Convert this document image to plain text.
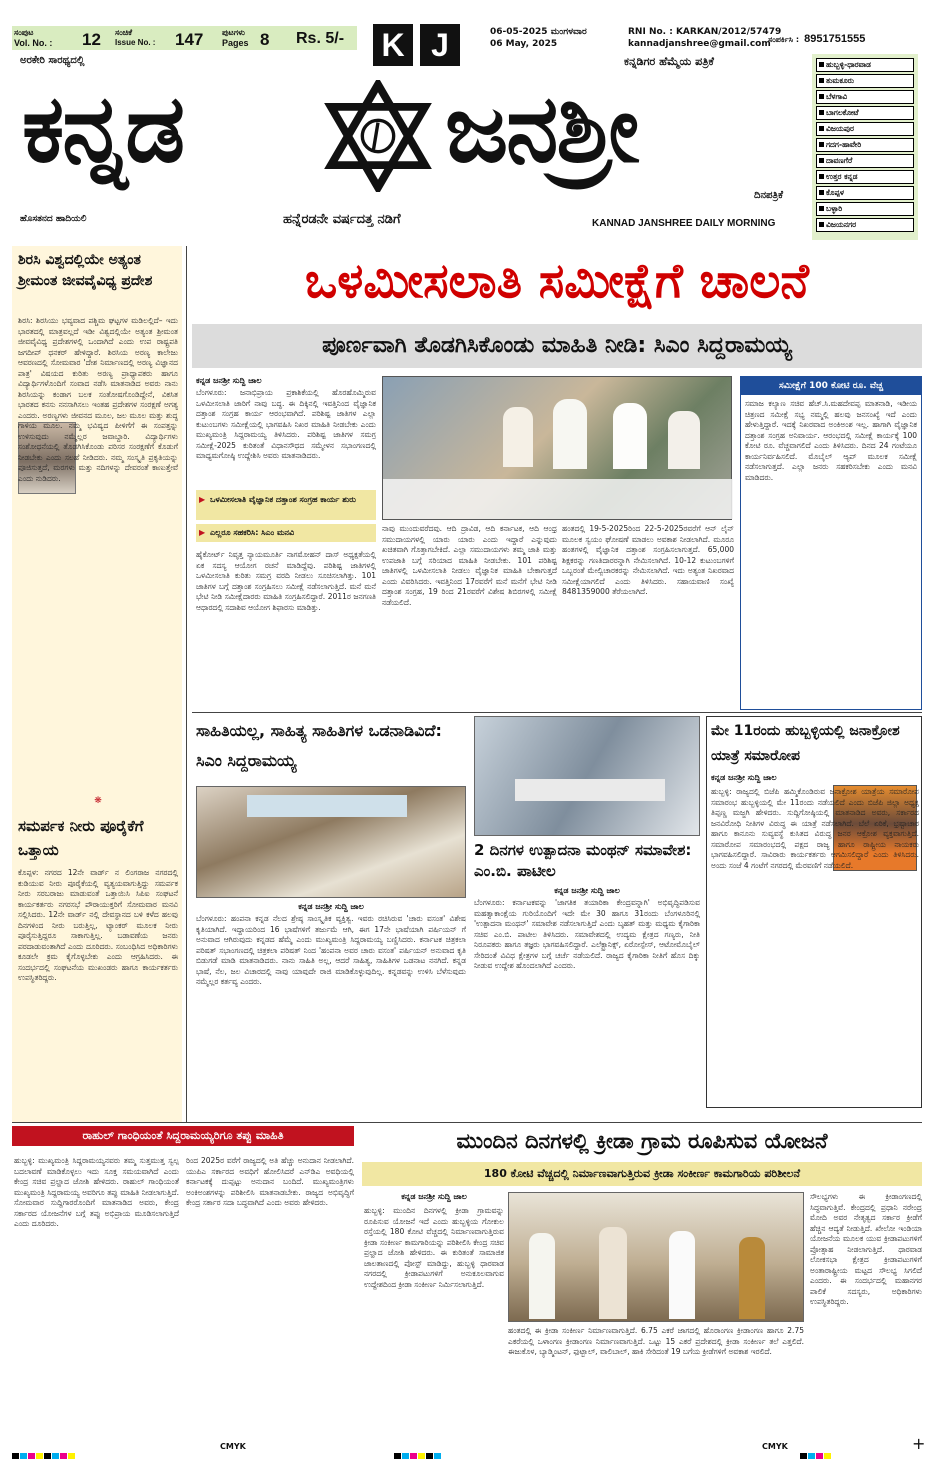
ಸಂಪುಟ
Vol. No. : 12 ಸಂಚಿಕೆ
Issue No. : 147 ಪುಟಗಳು
Pages 8 Rs. 5/- K J	06-05-2025 ಮಂಗಳವಾರ
06 May, 2025
RNI No. : KARKAN/2012/57479
kannadjanshree@gmail.com
ಸಂಪರ್ಕಿಸಿ : 8951751555
ಅರಕೇರಿ ಸಾರಥ್ಯದಲ್ಲಿ	ಕನ್ನಡಿಗರ ಹೆಮ್ಮೆಯ ಪತ್ರಿಕೆ
ಕನ್ನಡ	ಜನಶ್ರೀ
ದಿನಪತ್ರಿಕೆ
ಹೊಸತನದ ಹಾದಿಯಲಿ	ಹನ್ನೆರಡನೇ ವರ್ಷದತ್ತ ನಡಿಗೆ	KANNAD JANSHREE DAILY MORNING
ಹುಬ್ಬಳ್ಳಿ-ಧಾರವಾಡ
ತುಮಕೂರು
ಬೆಳಗಾವಿ
ಬಾಗಲಕೋಟೆ
ವಿಜಯಪುರ
ಗದಗ-ಹಾವೇರಿ
ದಾವಣಗೆರೆ
ಉತ್ತರ ಕನ್ನಡ
ಕೊಪ್ಪಳ
ಬಳ್ಳಾರಿ
ವಿಜಯನಗರ
ಶಿರಸಿ ವಿಶ್ವದಲ್ಲಿಯೇ ಅತ್ಯಂತ ಶ್ರೀಮಂತ ಜೀವವೈವಿಧ್ಯ ಪ್ರದೇಶ
ಶಿರಸಿ: ಶಿರಸಿಯು ಭವ್ಯವಾದ ಪಶ್ಚಿಮ ಘಟ್ಟಗಳ ಮಡಿಲಲ್ಲಿದೆ– ಇದು ಭಾರತದಲ್ಲಿ ಮಾತ್ರವಲ್ಲದೆ ಇಡೀ ವಿಶ್ವದಲ್ಲಿಯೇ ಅತ್ಯಂತ ಶ್ರೀಮಂತ ಜೀವವೈವಿಧ್ಯ ಪ್ರದೇಶಗಳಲ್ಲಿ ಒಂದಾಗಿದೆ ಎಂದು ಉಪ ರಾಷ್ಟ್ರಪತಿ ಜಗದೀಪ್ ಧನಕರ್ ಹೇಳಿದ್ದಾರೆ. ಶಿರಸಿಯ ಅರಣ್ಯ ಕಾಲೇಜು ಆವರಣದಲ್ಲಿ ಸೋಮವಾರ 'ದೇಶ ನಿರ್ಮಾಣದಲ್ಲಿ ಅರಣ್ಯ ವಿಜ್ಞಾನದ ಪಾತ್ರ' ವಿಷಯದ ಕುರಿತು ಅರಣ್ಯ ಪ್ರಾಧ್ಯಾಪಕರು ಹಾಗೂ ವಿದ್ಯಾರ್ಥಿಗಳೊಂದಿಗೆ ಸಂವಾದ ನಡೆಸಿ ಮಾತನಾಡಿದ ಅವರು ನಾನು ಶಿರಸಿಯನ್ನು ಕಂಡಾಗ ಬಲಕ ಸಂತೋಷಗೊಂಡಿದ್ದೇನೆ, ವಿಕಸಿತ ಭಾರತದ ಕನಸು ನನಸಾಗಿಸಲು ಇಂತಹ ಪ್ರದೇಶಗಳ ಸಂರಕ್ಷಣೆ ಅಗತ್ಯ ಎಂದರು. ಅರಣ್ಯಗಳು ಜೀವನದ ಮೂಲ, ಜಲ ಮೂಲ ಮತ್ತು ಶುದ್ಧ ಗಾಳಿಯ ಮೂಲ. ನಮ್ಮ ಭವಿಷ್ಯದ ಪೀಳಿಗೆಗೆ ಈ ಸಂಪತ್ತನ್ನು ಉಳಿಸುವುದು ನಮ್ಮೆಲ್ಲರ ಜವಾಬ್ದಾರಿ. ವಿದ್ಯಾರ್ಥಿಗಳು ಸಂಶೋಧನೆಯಲ್ಲಿ ತೊಡಗಿಸಿಕೊಂಡು ಪರಿಸರ ಸಂರಕ್ಷಣೆಗೆ ಕೊಡುಗೆ ನೀಡಬೇಕು ಎಂದು ಸಲಹೆ ನೀಡಿದರು. ನಮ್ಮ ಸಂಸ್ಕೃತಿ ಪ್ರಕೃತಿಯನ್ನು ಪೂಜಿಸುತ್ತದೆ, ಮರಗಳು ಮತ್ತು ನದಿಗಳನ್ನು ದೇವರಂತೆ ಕಾಣುತ್ತೇವೆ ಎಂದು ನುಡಿದರು.
❋
ಸಮರ್ಪಕ ನೀರು ಪೂರೈಕೆಗೆ ಒತ್ತಾಯ
ಕೊಪ್ಪಳ: ನಗರದ 12ನೇ ವಾರ್ಡ್ ನ ಲಿಂಗರಾಜ ನಗರದಲ್ಲಿ ಕುಡಿಯುವ ನೀರು ಪೂರೈಕೆಯಲ್ಲಿ ವ್ಯತ್ಯಯವಾಗುತ್ತಿದ್ದು ಸಮರ್ಪಕ ನೀರು ಸರಬರಾಜು ಮಾಡುವಂತೆ ಒತ್ತಾಯಿಸಿ ಸಿಪಿಐ ಸಂಘಟನೆ ಕಾರ್ಯಕರ್ತರು ನಗರಸಭೆ ಪೌರಾಯುಕ್ತರಿಗೆ ಸೋಮವಾರ ಮನವಿ ಸಲ್ಲಿಸಿದರು. 12ನೇ ವಾರ್ಡ್ ನಲ್ಲಿ ದೇವಸ್ಥಾನದ ಬಳಿ ಕಳೆದ ಹಲವು ದಿನಗಳಿಂದ ನೀರು ಬರುತ್ತಿಲ್ಲ, ಟ್ಯಾಂಕರ್ ಮೂಲಕ ನೀರು ಪೂರೈಸುತ್ತಿದ್ದರೂ ಸಾಕಾಗುತ್ತಿಲ್ಲ. ಬಡಾವಣೆಯ ಜನರು ಪರದಾಡುವಂತಾಗಿದೆ ಎಂದು ದೂರಿದರು. ಸಂಬಂಧಿಸಿದ ಅಧಿಕಾರಿಗಳು ಕೂಡಲೇ ಕ್ರಮ ಕೈಗೊಳ್ಳಬೇಕು ಎಂದು ಆಗ್ರಹಿಸಿದರು. ಈ ಸಂದರ್ಭದಲ್ಲಿ ಸಂಘಟನೆಯ ಮುಖಂಡರು ಹಾಗೂ ಕಾರ್ಯಕರ್ತರು ಉಪಸ್ಥಿತರಿದ್ದರು.
ಒಳಮೀಸಲಾತಿ ಸಮೀಕ್ಷೆಗೆ ಚಾಲನೆ
ಪೂರ್ಣವಾಗಿ ತೊಡಗಿಸಿಕೊಂಡು ಮಾಹಿತಿ ನೀಡಿ: ಸಿಎಂ ಸಿದ್ದರಾಮಯ್ಯ
ಕನ್ನಡ ಜನಶ್ರೀ ಸುದ್ದಿ ಜಾಲ
ಬೆಂಗಳೂರು: ಜನಾಭಿಪ್ರಾಯ ಪ್ರಕಾಶಿಕೆಯಲ್ಲಿ ಹೊರಹೊಮ್ಮಿರುವ ಒಳಮೀಸಲಾತಿ ಜಾರಿಗೆ ನಾವು ಬದ್ಧ. ಈ ದಿಕ್ಕಿನಲ್ಲಿ ಇವತ್ತಿನಿಂದ ವೈಜ್ಞಾನಿಕ ದತ್ತಾಂಶ ಸಂಗ್ರಹ ಕಾರ್ಯ ಆರಂಭವಾಗಿದೆ. ಪರಿಶಿಷ್ಟ ಜಾತಿಗಳ ಎಲ್ಲಾ ಕುಟುಂಬಗಳು ಸಮೀಕ್ಷೆಯಲ್ಲಿ ಭಾಗವಹಿಸಿ ನಿಖರ ಮಾಹಿತಿ ನೀಡಬೇಕು ಎಂದು ಮುಖ್ಯಮಂತ್ರಿ ಸಿದ್ದರಾಮಯ್ಯ ತಿಳಿಸಿದರು. ಪರಿಶಿಷ್ಟ ಜಾತಿಗಳ ಸಮಗ್ರ ಸಮೀಕ್ಷೆ-2025 ಕುರಿತಂತೆ ವಿಧಾನಸೌಧದ ಸಮ್ಮೇಳನ ಸಭಾಂಗಣದಲ್ಲಿ ಮಾಧ್ಯಮಗೋಷ್ಠಿ ಉದ್ದೇಶಿಸಿ ಅವರು ಮಾತನಾಡಿದರು.
▶ ಒಳಮೀಸಲಾತಿ ವೈಜ್ಞಾನಿಕ ದತ್ತಾಂಶ ಸಂಗ್ರಹ ಕಾರ್ಯ ಶುರು
▶ ಎಲ್ಲರೂ ಸಹಕರಿಸಿ: ಸಿಎಂ ಮನವಿ
ಹೈಕೋರ್ಟ್ ನಿವೃತ್ತ ನ್ಯಾಯಮೂರ್ತಿ ನಾಗಮೋಹನ್ ದಾಸ್ ಅಧ್ಯಕ್ಷತೆಯಲ್ಲಿ ಏಕ ಸದಸ್ಯ ಆಯೋಗ ರಚನೆ ಮಾಡಿದ್ದೆವು. ಪರಿಶಿಷ್ಟ ಜಾತಿಗಳಲ್ಲಿ ಒಳಮೀಸಲಾತಿ ಕುರಿತು ಸಮಗ್ರ ವರದಿ ನೀಡಲು ಸೂಚಿಸಲಾಗಿತ್ತು. 101 ಜಾತಿಗಳ ಬಗ್ಗೆ ದತ್ತಾಂಶ ಸಂಗ್ರಹಿಸಲು ಸಮೀಕ್ಷೆ ನಡೆಸಲಾಗುತ್ತಿದೆ. ಮನೆ ಮನೆ ಭೇಟಿ ನೀಡಿ ಸಮೀಕ್ಷೆದಾರರು ಮಾಹಿತಿ ಸಂಗ್ರಹಿಸಲಿದ್ದಾರೆ. 2011ರ ಜನಗಣತಿ ಆಧಾರದಲ್ಲಿ ಸದಾಶಿವ ಆಯೋಗ ಶಿಫಾರಸು ಮಾಡಿತ್ತು.
ನಾವು ಮುಂದುವರೆದವು. ಆದಿ ದ್ರಾವಿಡ, ಆದಿ ಕರ್ನಾಟಕ, ಆದಿ ಆಂಧ್ರ ಸಮುದಾಯಗಳಲ್ಲಿ ಯಾರು ಯಾರು ಎಂದು ಇದ್ದಾರೆ ಎನ್ನುವುದು ಖಚಿತವಾಗಿ ಗೊತ್ತಾಗಬೇಕಿದೆ. ಎಲ್ಲಾ ಸಮುದಾಯಗಳು ತಮ್ಮ ಜಾತಿ ಮತ್ತು ಉಪಜಾತಿ ಬಗ್ಗೆ ಸರಿಯಾದ ಮಾಹಿತಿ ನೀಡಬೇಕು. 101 ಪರಿಶಿಷ್ಟ ಜಾತಿಗಳಲ್ಲಿ ಒಳಮೀಸಲಾತಿ ನೀಡಲು ವೈಜ್ಞಾನಿಕ ಮಾಹಿತಿ ಬೇಕಾಗುತ್ತದೆ ಎಂದು ವಿವರಿಸಿದರು. ಇವತ್ತಿನಿಂದ 17ರವರೆಗೆ ಮನೆ ಮನೆಗೆ ಭೇಟಿ ನೀಡಿ ದತ್ತಾಂಶ ಸಂಗ್ರಹ, 19 ರಿಂದ 21ರವರೆಗೆ ವಿಶೇಷ ಶಿಬಿರಗಳಲ್ಲಿ ಸಮೀಕ್ಷೆ ನಡೆಯಲಿದೆ.
ಹಂತದಲ್ಲಿ 19-5-2025ರಿಂದ 22-5-2025ರವರೆಗೆ ಆನ್ ಲೈನ್ ಮೂಲಕ ಸ್ವಯಂ ಘೋಷಣೆ ಮಾಡಲು ಅವಕಾಶ ನೀಡಲಾಗಿದೆ. ಮೂರೂ ಹಂತಗಳಲ್ಲಿ ವೈಜ್ಞಾನಿಕ ದತ್ತಾಂಶ ಸಂಗ್ರಹಿಸಲಾಗುತ್ತದೆ. 65,000 ಶಿಕ್ಷಕರನ್ನು ಗಣತಿದಾರರನ್ನಾಗಿ ನೇಮಿಸಲಾಗಿದೆ. 10-12 ಕುಟುಂಬಗಳಿಗೆ ಒಬ್ಬರಂತೆ ಮೇಲ್ವಿಚಾರಕರನ್ನು ನೇಮಿಸಲಾಗಿದೆ. ಇದು ಅತ್ಯಂತ ನಿಖರವಾದ ಸಮೀಕ್ಷೆಯಾಗಲಿದೆ ಎಂದು ತಿಳಿಸಿದರು. ಸಹಾಯವಾಣಿ ಸಂಖ್ಯೆ 8481359000 ತೆರೆಯಲಾಗಿದೆ.
ಸಮೀಕ್ಷೆಗೆ 100 ಕೋಟಿ ರೂ. ವೆಚ್ಚ
ಸಮಾಜ ಕಲ್ಯಾಣ ಸಚಿವ ಹೆಚ್.ಸಿ.ಮಹದೇವಪ್ಪ ಮಾತನಾಡಿ, ಇಡೀಯ ಚಿತ್ರಣದ ಸಮೀಕ್ಷೆ ಸಭ್ಯ ನಮ್ಮಲ್ಲಿ ಹಲವು ಜನಸಂಖ್ಯೆ ಇದೆ ಎಂದು ಹೇಳುತ್ತಿದ್ದಾರೆ. ಇದಕ್ಕೆ ನಿಖರವಾದ ಅಂಕಿಅಂಶ ಇಲ್ಲ. ಹಾಗಾಗಿ ವೈಜ್ಞಾನಿಕ ದತ್ತಾಂಶ ಸಂಗ್ರಹ ಅನಿವಾರ್ಯ. ಆರಂಭದಲ್ಲಿ ಸಮೀಕ್ಷೆ ಕಾರ್ಯಕ್ಕೆ 100 ಕೋಟಿ ರೂ. ವೆಚ್ಚವಾಗಲಿದೆ ಎಂದು ತಿಳಿಸಿದರು. ದಿನದ 24 ಗಂಟೆಯೂ ಕಾರ್ಯನಿರ್ವಹಿಸಲಿದೆ. ಮೊಬೈಲ್ ಆ್ಯಪ್ ಮೂಲಕ ಸಮೀಕ್ಷೆ ನಡೆಸಲಾಗುತ್ತದೆ. ಎಲ್ಲಾ ಜನರು ಸಹಕರಿಸಬೇಕು ಎಂದು ಮನವಿ ಮಾಡಿದರು.
ಸಾಹಿತಿಯಲ್ಲ, ಸಾಹಿತ್ಯ ಸಾಹಿತಿಗಳ ಒಡನಾಡಿವಿದೆ: ಸಿಎಂ ಸಿದ್ದರಾಮಯ್ಯ
ಕನ್ನಡ ಜನಶ್ರೀ ಸುದ್ದಿ ಜಾಲ
ಬೆಂಗಳೂರು: ಹಂಪನಾ ಕನ್ನಡ ನೆಲದ ಶ್ರೇಷ್ಠ ಸಾಂಸ್ಕೃತಿಕ ವ್ಯಕ್ತಿತ್ವ. ಇವರು ರಚಿಸಿರುವ 'ಚಾರು ವಸಂತ' ವಿಶೇಷ ಕೃತಿಯಾಗಿದೆ. ಇದ್ದಾಯರಿಂದ 16 ಭಾಷೆಗಳಿಗೆ ತರ್ಜುಮೆ ಆಗಿ, ಈಗ 17ನೇ ಭಾಷೆಯಾಗಿ ಪರ್ಷಿಯನ್ ಗೆ ಅನುವಾದ ಆಗಿರುವುದು ಕನ್ನಡದ ಹೆಮ್ಮೆ ಎಂದು ಮುಖ್ಯಮಂತ್ರಿ ಸಿದ್ದರಾಮಯ್ಯ ಬಣ್ಣಿಸಿದರು. ಕರ್ನಾಟಕ ಚಿತ್ರಕಲಾ ಪರಿಷತ್ ಸಭಾಂಗಣದಲ್ಲಿ ಚಿತ್ರಕಲಾ ಪರಿಷತ್ ನಿಂದ 'ಹಂಪನಾ ಅವರ ಚಾರು ವಸಂತ' ಪರ್ಷಿಯನ್ ಅನುವಾದ ಕೃತಿ ಬಿಡುಗಡೆ ಮಾಡಿ ಮಾತನಾಡಿದರು. ನಾನು ಸಾಹಿತಿ ಅಲ್ಲ, ಆದರೆ ಸಾಹಿತ್ಯ, ಸಾಹಿತಿಗಳ ಒಡನಾಟ ನನಗಿದೆ. ಕನ್ನಡ ಭಾಷೆ, ನೆಲ, ಜಲ ವಿಚಾರದಲ್ಲಿ ನಾವು ಯಾವುದೇ ರಾಜಿ ಮಾಡಿಕೊಳ್ಳುವುದಿಲ್ಲ. ಕನ್ನಡವನ್ನು ಉಳಿಸಿ ಬೆಳೆಸುವುದು ನಮ್ಮೆಲ್ಲರ ಕರ್ತವ್ಯ ಎಂದರು.
2 ದಿನಗಳ ಉತ್ಪಾದನಾ ಮಂಥನ್ ಸಮಾವೇಶ: ಎಂ.ಬಿ. ಪಾಟೀಲ
ಕನ್ನಡ ಜನಶ್ರೀ ಸುದ್ದಿ ಜಾಲ
ಬೆಂಗಳೂರು: ಕರ್ನಾಟಕವನ್ನು 'ಜಾಗತಿಕ ತಯಾರಿಕಾ ಕೇಂದ್ರವನ್ನಾಗಿ' ಅಭಿವೃದ್ಧಿಪಡಿಸುವ ಮಹತ್ವಾಕಾಂಕ್ಷೆಯ ಗುರಿಯೊಂದಿಗೆ ಇದೇ ಮೇ 30 ಹಾಗೂ 31ರಂದು ಬೆಂಗಳೂರಿನಲ್ಲಿ 'ಉತ್ಪಾದನಾ ಮಂಥನ್' ಸಮಾವೇಶ ನಡೆಸಲಾಗುತ್ತಿದೆ ಎಂದು ಬೃಹತ್ ಮತ್ತು ಮಧ್ಯಮ ಕೈಗಾರಿಕಾ ಸಚಿವ ಎಂ.ಬಿ. ಪಾಟೀಲ ತಿಳಿಸಿದರು. ಸಮಾವೇಶದಲ್ಲಿ ಉದ್ಯಮ ಕ್ಷೇತ್ರದ ಗಣ್ಯರು, ನೀತಿ ನಿರೂಪಕರು ಹಾಗೂ ತಜ್ಞರು ಭಾಗವಹಿಸಲಿದ್ದಾರೆ. ಎಲೆಕ್ಟ್ರಾನಿಕ್ಸ್, ಏರೋಸ್ಪೇಸ್, ಆಟೋಮೊಬೈಲ್ ಸೇರಿದಂತೆ ವಿವಿಧ ಕ್ಷೇತ್ರಗಳ ಬಗ್ಗೆ ಚರ್ಚೆ ನಡೆಯಲಿದೆ. ರಾಜ್ಯದ ಕೈಗಾರಿಕಾ ನೀತಿಗೆ ಹೊಸ ದಿಕ್ಕು ನೀಡುವ ಉದ್ದೇಶ ಹೊಂದಲಾಗಿದೆ ಎಂದರು.
ಮೇ 11ರಂದು ಹುಬ್ಬಳ್ಳಿಯಲ್ಲಿ ಜನಾಕ್ರೋಶ ಯಾತ್ರೆ ಸಮಾರೋಪ
ಕನ್ನಡ ಜನಶ್ರೀ ಸುದ್ದಿ ಜಾಲ
ಹುಬ್ಬಳ್ಳಿ: ರಾಜ್ಯದಲ್ಲಿ ಬಿಜೆಪಿ ಹಮ್ಮಿಕೊಂಡಿರುವ ಜನಾಕ್ರೋಶ ಯಾತ್ರೆಯ ಸಮಾರೋಪ ಸಮಾರಂಭ ಹುಬ್ಬಳ್ಳಿಯಲ್ಲಿ ಮೇ 11ರಂದು ನಡೆಯಲಿದೆ ಎಂದು ಬಿಜೆಪಿ ಜಿಲ್ಲಾ ಅಧ್ಯಕ್ಷ ತಿಪ್ಪಣ್ಣ ಮಜ್ಜಗಿ ಹೇಳಿದರು. ಸುದ್ದಿಗೋಷ್ಠಿಯಲ್ಲಿ ಮಾತನಾಡಿದ ಅವರು, ಸರ್ಕಾರದ ಜನವಿರೋಧಿ ನೀತಿಗಳ ವಿರುದ್ಧ ಈ ಯಾತ್ರೆ ನಡೆಸಲಾಗಿದೆ. ಬೆಲೆ ಏರಿಕೆ, ಭ್ರಷ್ಟಾಚಾರ ಹಾಗೂ ಕಾನೂನು ಸುವ್ಯವಸ್ಥೆ ಕುಸಿತದ ವಿರುದ್ಧ ಜನರ ಆಕ್ರೋಶ ವ್ಯಕ್ತವಾಗುತ್ತಿದೆ. ಸಮಾರೋಪ ಸಮಾರಂಭದಲ್ಲಿ ಪಕ್ಷದ ರಾಜ್ಯ ಹಾಗೂ ರಾಷ್ಟ್ರೀಯ ನಾಯಕರು ಭಾಗವಹಿಸಲಿದ್ದಾರೆ. ಸಾವಿರಾರು ಕಾರ್ಯಕರ್ತರು ಆಗಮಿಸಲಿದ್ದಾರೆ ಎಂದು ತಿಳಿಸಿದರು. ಅಂದು ಸಂಜೆ 4 ಗಂಟೆಗೆ ನಗರದಲ್ಲಿ ಮೆರವಣಿಗೆ ನಡೆಯಲಿದೆ.
ರಾಹುಲ್ ಗಾಂಧಿಯಂತೆ ಸಿದ್ದರಾಮಯ್ಯರಿಗೂ ತಪ್ಪು ಮಾಹಿತಿ
ಹುಬ್ಬಳ್ಳಿ: ಮುಖ್ಯಮಂತ್ರಿ ಸಿದ್ದರಾಮಯ್ಯನವರು ತಮ್ಮ ಸುತ್ತಮುತ್ತ ಸ್ವಲ್ಪ ಬದಲಾವಣೆ ಮಾಡಿಕೊಳ್ಳಲು ಇದು ಸೂಕ್ತ ಸಮಯವಾಗಿದೆ ಎಂದು ಕೇಂದ್ರ ಸಚಿವ ಪ್ರಲ್ಹಾದ ಜೋಶಿ ಹೇಳಿದರು. ರಾಹುಲ್ ಗಾಂಧಿಯಂತೆ ಮುಖ್ಯಮಂತ್ರಿ ಸಿದ್ದರಾಮಯ್ಯ ಅವರಿಗೂ ತಪ್ಪು ಮಾಹಿತಿ ನೀಡಲಾಗುತ್ತಿದೆ. ಸೋಮವಾರ ಸುದ್ದಿಗಾರರೊಂದಿಗೆ ಮಾತನಾಡಿದ ಅವರು, ಕೇಂದ್ರ ಸರ್ಕಾರದ ಯೋಜನೆಗಳ ಬಗ್ಗೆ ತಪ್ಪು ಅಭಿಪ್ರಾಯ ಮೂಡಿಸಲಾಗುತ್ತಿದೆ ಎಂದು ದೂರಿದರು.
ರಿಂದ 2025ರ ವರೆಗೆ ರಾಜ್ಯದಲ್ಲಿ ಅತಿ ಹೆಚ್ಚು ಅನುದಾನ ನೀಡಲಾಗಿದೆ. ಯುಪಿಎ ಸರ್ಕಾರದ ಅವಧಿಗೆ ಹೋಲಿಸಿದರೆ ಎನ್‌ಡಿಎ ಅವಧಿಯಲ್ಲಿ ಕರ್ನಾಟಕಕ್ಕೆ ದುಪ್ಪಟ್ಟು ಅನುದಾನ ಬಂದಿದೆ. ಮುಖ್ಯಮಂತ್ರಿಗಳು ಅಂಕಿಅಂಶಗಳನ್ನು ಪರಿಶೀಲಿಸಿ ಮಾತನಾಡಬೇಕು. ರಾಜ್ಯದ ಅಭಿವೃದ್ಧಿಗೆ ಕೇಂದ್ರ ಸರ್ಕಾರ ಸದಾ ಬದ್ಧವಾಗಿದೆ ಎಂದು ಅವರು ಹೇಳಿದರು.
ಮುಂದಿನ ದಿನಗಳಲ್ಲಿ ಕ್ರೀಡಾ ಗ್ರಾಮ ರೂಪಿಸುವ ಯೋಜನೆ
180 ಕೋಟಿ ವೆಚ್ಚದಲ್ಲಿ ನಿರ್ಮಾಣವಾಗುತ್ತಿರುವ ಕ್ರೀಡಾ ಸಂಕೀರ್ಣ ಕಾಮಗಾರಿಯ ಪರಿಶೀಲನೆ
ಕನ್ನಡ ಜನಶ್ರೀ ಸುದ್ದಿ ಜಾಲ
ಹುಬ್ಬಳ್ಳಿ: ಮುಂದಿನ ದಿನಗಳಲ್ಲಿ ಕ್ರೀಡಾ ಗ್ರಾಮವನ್ನು ರೂಪಿಸುವ ಯೋಜನೆ ಇದೆ ಎಂದು ಹುಬ್ಬಳ್ಳಿಯ ಗೋಕುಲ ರಸ್ತೆಯಲ್ಲಿ 180 ಕೋಟಿ ವೆಚ್ಚದಲ್ಲಿ ನಿರ್ಮಾಣವಾಗುತ್ತಿರುವ ಕ್ರೀಡಾ ಸಂಕೀರ್ಣ ಕಾಮಗಾರಿಯನ್ನು ಪರಿಶೀಲಿಸಿ ಕೇಂದ್ರ ಸಚಿವ ಪ್ರಲ್ಹಾದ ಜೋಶಿ ಹೇಳಿದರು. ಈ ಕುರಿತಂತೆ ಸಾಮಾಜಿಕ ಜಾಲತಾಣದಲ್ಲಿ ಪೋಸ್ಟ್ ಮಾಡಿದ್ದು, ಹುಬ್ಬಳ್ಳಿ ಧಾರವಾಡ ನಗರದಲ್ಲಿ ಕ್ರೀಡಾಪಟುಗಳಿಗೆ ಅನುಕೂಲವಾಗುವ ಉದ್ದೇಶದಿಂದ ಕ್ರೀಡಾ ಸಂಕೀರ್ಣ ನಿರ್ಮಿಸಲಾಗುತ್ತಿದೆ.
ಹಂತದಲ್ಲಿ ಈ ಕ್ರೀಡಾ ಸಂಕೀರ್ಣ ನಿರ್ಮಾಣವಾಗುತ್ತಿದೆ. 6.75 ಎಕರೆ ಜಾಗದಲ್ಲಿ ಹೊರಾಂಗಣ ಕ್ರೀಡಾಂಗಣ ಹಾಗೂ 2.75 ಎಕರೆಯಲ್ಲಿ ಒಳಾಂಗಣ ಕ್ರೀಡಾಂಗಣ ನಿರ್ಮಾಣವಾಗುತ್ತಿದೆ. ಒಟ್ಟು 15 ಎಕರೆ ಪ್ರದೇಶದಲ್ಲಿ ಕ್ರೀಡಾ ಸಂಕೀರ್ಣ ತಲೆ ಎತ್ತಲಿದೆ. ಈಜುಕೊಳ, ಬ್ಯಾಡ್ಮಿಂಟನ್, ಫುಟ್ಬಾಲ್, ವಾಲಿಬಾಲ್, ಹಾಕಿ ಸೇರಿದಂತೆ 19 ಬಗೆಯ ಕ್ರೀಡೆಗಳಿಗೆ ಅವಕಾಶ ಇರಲಿದೆ.
ಸೌಲಭ್ಯಗಳು ಈ ಕ್ರೀಡಾಂಗಣದಲ್ಲಿ ಸಿದ್ಧವಾಗುತ್ತಿವೆ. ಕೇಂದ್ರದಲ್ಲಿ ಪ್ರಧಾನಿ ನರೇಂದ್ರ ಮೋದಿ ಅವರ ನೇತೃತ್ವದ ಸರ್ಕಾರ ಕ್ರೀಡೆಗೆ ಹೆಚ್ಚಿನ ಆದ್ಯತೆ ನೀಡುತ್ತಿದೆ. ಖೇಲೋ ಇಂಡಿಯಾ ಯೋಜನೆಯ ಮೂಲಕ ಯುವ ಕ್ರೀಡಾಪಟುಗಳಿಗೆ ಪ್ರೋತ್ಸಾಹ ನೀಡಲಾಗುತ್ತಿದೆ. ಧಾರವಾಡ ಲೋಕಸಭಾ ಕ್ಷೇತ್ರದ ಕ್ರೀಡಾಪಟುಗಳಿಗೆ ಅಂತಾರಾಷ್ಟ್ರೀಯ ಮಟ್ಟದ ಸೌಲಭ್ಯ ಸಿಗಲಿದೆ ಎಂದರು. ಈ ಸಂದರ್ಭದಲ್ಲಿ ಮಹಾನಗರ ಪಾಲಿಕೆ ಸದಸ್ಯರು, ಅಧಿಕಾರಿಗಳು ಉಪಸ್ಥಿತರಿದ್ದರು.
CMYK	CMYK	+
